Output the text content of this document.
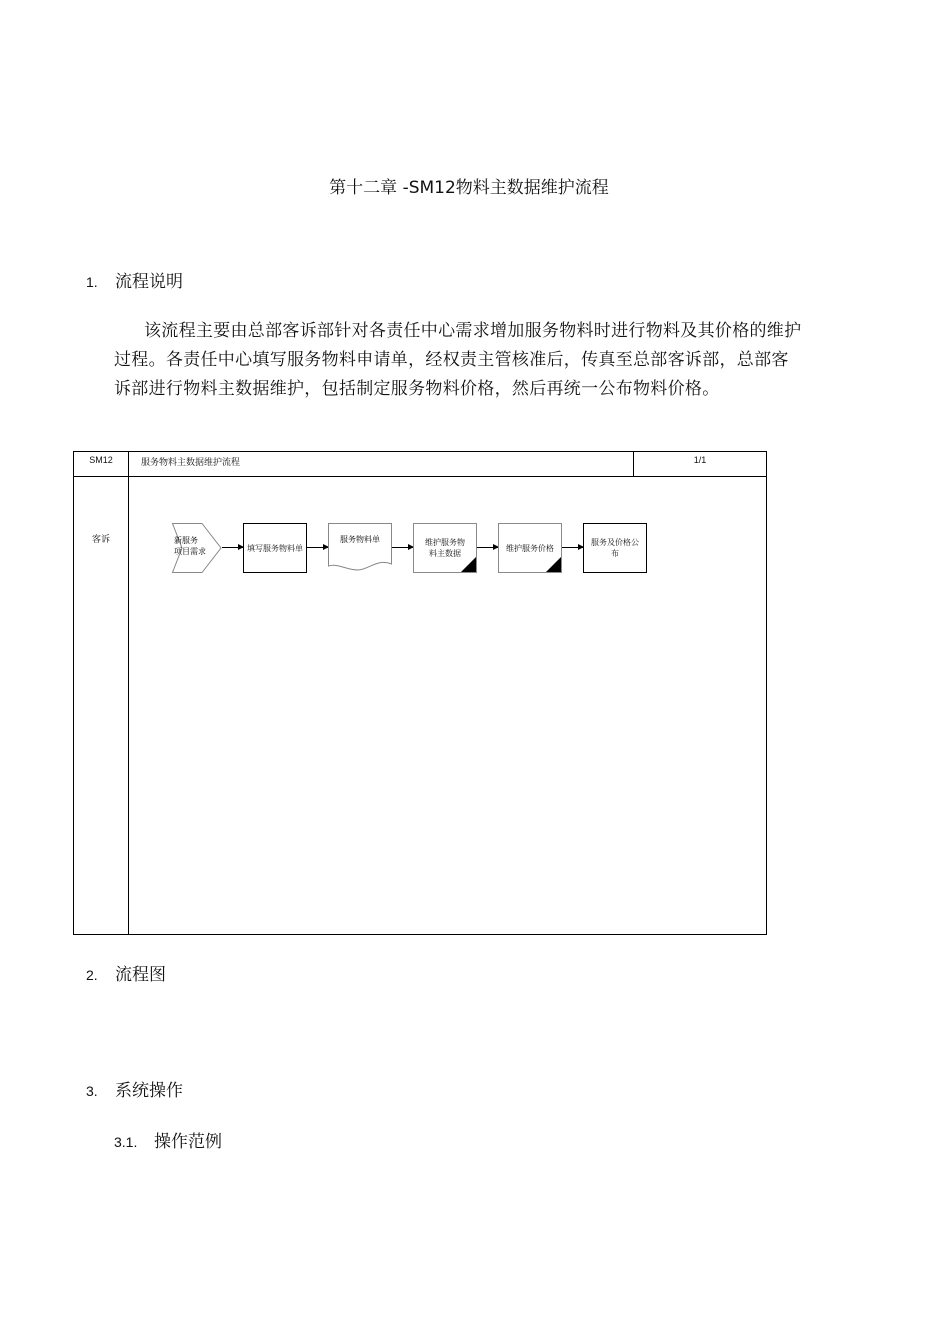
第十二章 -SM12物料主数据维护流程
1. 流程说明
该流程主要由总部客诉部针对各责任中心需求增加服务物料时进行物料及其价格的维护过程。各责任中心填写服务物料申请单，经权责主管核准后，传真至总部客诉部，总部客诉部进行物料主数据维护，包括制定服务物料价格，然后再统一公布物料价格。
SM12	服务物料主数据维护流程	1/1
客诉	新服务
项目需求	填写服务物料单
服务物料单	维护服务物料主数据
维护服务价格
服务及价格公布
2. 流程图
3. 系统操作
3.1. 操作范例
